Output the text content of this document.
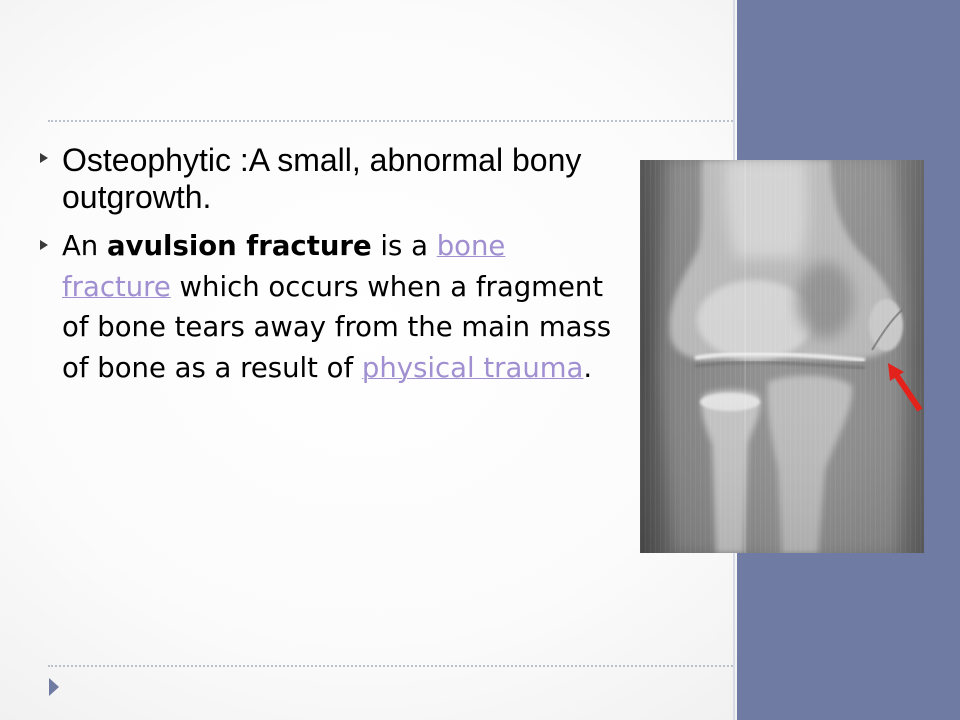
Osteophytic :A small, abnormal bony
outgrowth.

An avulsion fracture is a bone
fracture which occurs when a fragment
of bone tears away from the main mass
of bone as a result of physical trauma.
